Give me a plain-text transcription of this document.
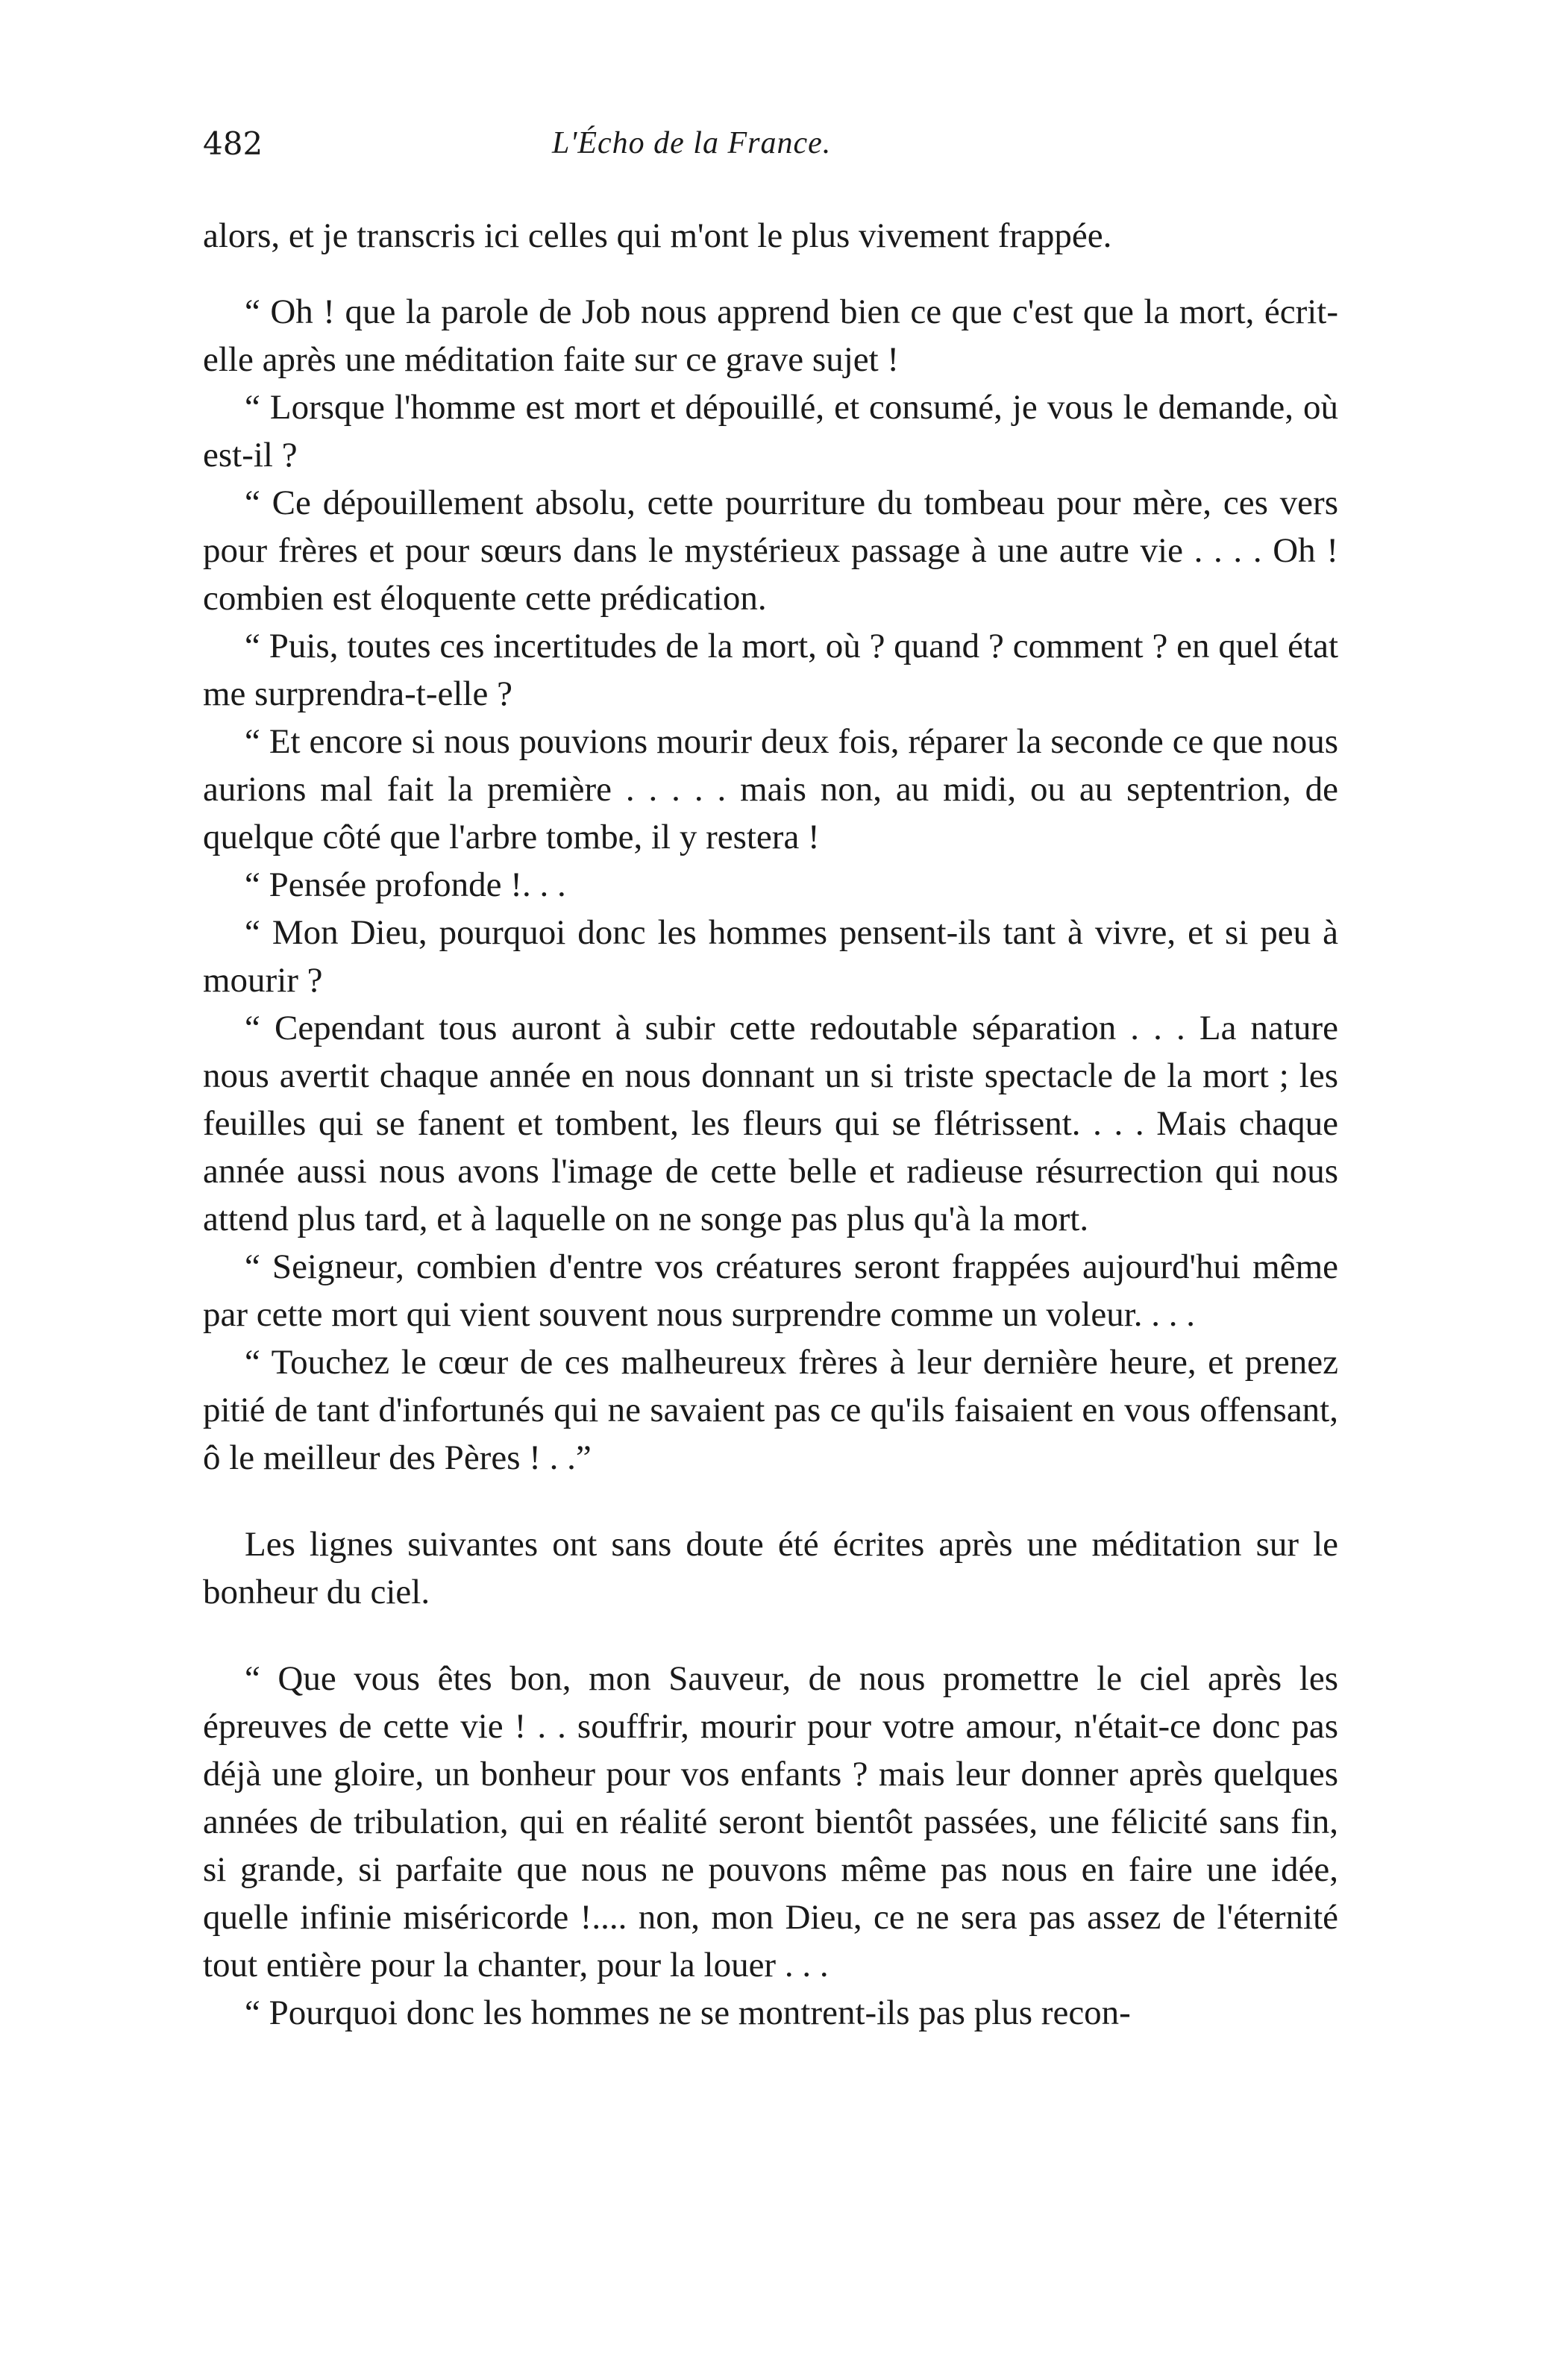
482	L'Écho de la France.

alors, et je transcris ici celles qui m'ont le plus vivement frappée.

“ Oh ! que la parole de Job nous apprend bien ce que c'est que la mort, écrit-elle après une méditation faite sur ce grave sujet !

“ Lorsque l'homme est mort et dépouillé, et consumé, je vous le demande, où est-il ?

“ Ce dépouillement absolu, cette pourriture du tombeau pour mère, ces vers pour frères et pour sœurs dans le mystérieux passage à une autre vie . . . . Oh ! combien est éloquente cette prédication.

“ Puis, toutes ces incertitudes de la mort, où ? quand ? comment ? en quel état me surprendra-t-elle ?

“ Et encore si nous pouvions mourir deux fois, réparer la seconde ce que nous aurions mal fait la première . . . . . mais non, au midi, ou au septentrion, de quelque côté que l'arbre tombe, il y restera !

“ Pensée profonde !. . .

“ Mon Dieu, pourquoi donc les hommes pensent-ils tant à vivre, et si peu à mourir ?

“ Cependant tous auront à subir cette redoutable séparation . . . La nature nous avertit chaque année en nous donnant un si triste spectacle de la mort ; les feuilles qui se fanent et tombent, les fleurs qui se flétrissent. . . . Mais chaque année aussi nous avons l'image de cette belle et radieuse résurrection qui nous attend plus tard, et à laquelle on ne songe pas plus qu'à la mort.

“ Seigneur, combien d'entre vos créatures seront frappées aujourd'hui même par cette mort qui vient souvent nous surprendre comme un voleur. . . .

“ Touchez le cœur de ces malheureux frères à leur dernière heure, et prenez pitié de tant d'infortunés qui ne savaient pas ce qu'ils faisaient en vous offensant, ô le meilleur des Pères ! . .”

Les lignes suivantes ont sans doute été écrites après une méditation sur le bonheur du ciel.

“ Que vous êtes bon, mon Sauveur, de nous promettre le ciel après les épreuves de cette vie ! . . souffrir, mourir pour votre amour, n'était-ce donc pas déjà une gloire, un bonheur pour vos enfants ? mais leur donner après quelques années de tribulation, qui en réalité seront bientôt passées, une félicité sans fin, si grande, si parfaite que nous ne pouvons même pas nous en faire une idée, quelle infinie miséricorde !.... non, mon Dieu, ce ne sera pas assez de l'éternité tout entière pour la chanter, pour la louer . . .

“ Pourquoi donc les hommes ne se montrent-ils pas plus recon-
